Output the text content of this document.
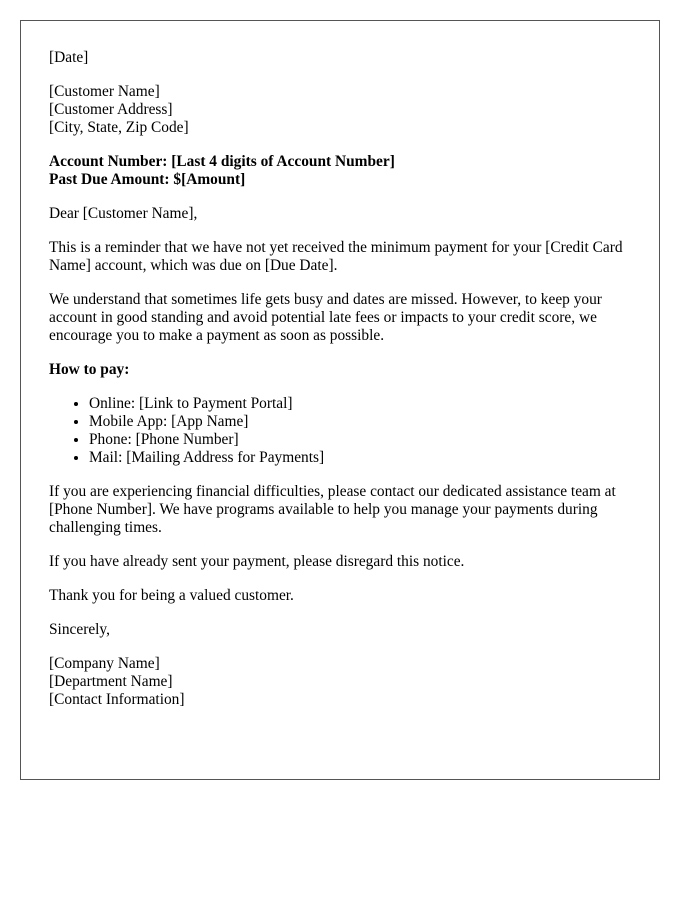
[Date]

[Customer Name]
[Customer Address]
[City, State, Zip Code]

Account Number: [Last 4 digits of Account Number]
Past Due Amount: $[Amount]

Dear [Customer Name],

This is a reminder that we have not yet received the minimum payment for your [Credit Card Name] account, which was due on [Due Date].

We understand that sometimes life gets busy and dates are missed. However, to keep your account in good standing and avoid potential late fees or impacts to your credit score, we encourage you to make a payment as soon as possible.

How to pay:

• Online: [Link to Payment Portal]
• Mobile App: [App Name]
• Phone: [Phone Number]
• Mail: [Mailing Address for Payments]

If you are experiencing financial difficulties, please contact our dedicated assistance team at [Phone Number]. We have programs available to help you manage your payments during challenging times.

If you have already sent your payment, please disregard this notice.

Thank you for being a valued customer.

Sincerely,

[Company Name]
[Department Name]
[Contact Information]
